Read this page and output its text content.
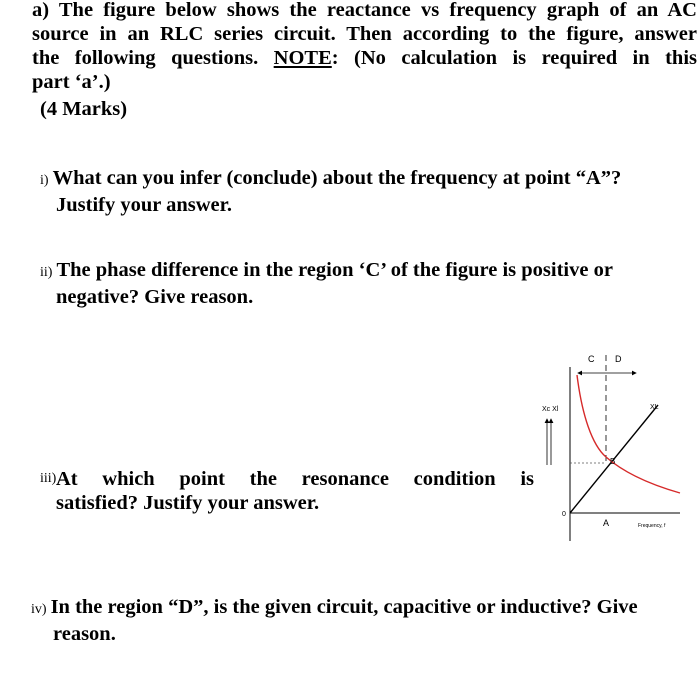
a) The figure below shows the reactance vs frequency graph of an AC
source in an RLC series circuit. Then according to the figure, answer
the following questions. NOTE: (No calculation is required in this
part ‘a’.)
(4 Marks)
i) What can you infer (conclude) about the frequency at point “A”?
Justify your answer.
ii) The phase difference in the region ‘C’ of the figure is positive or
negative? Give reason.
iii) At which point the resonance condition is
satisfied? Justify your answer.
iv) In the region “D”, is the given circuit, capacitive or inductive? Give
reason.
C D
Xc Xl	XL
B
A
0
Frequency, f
